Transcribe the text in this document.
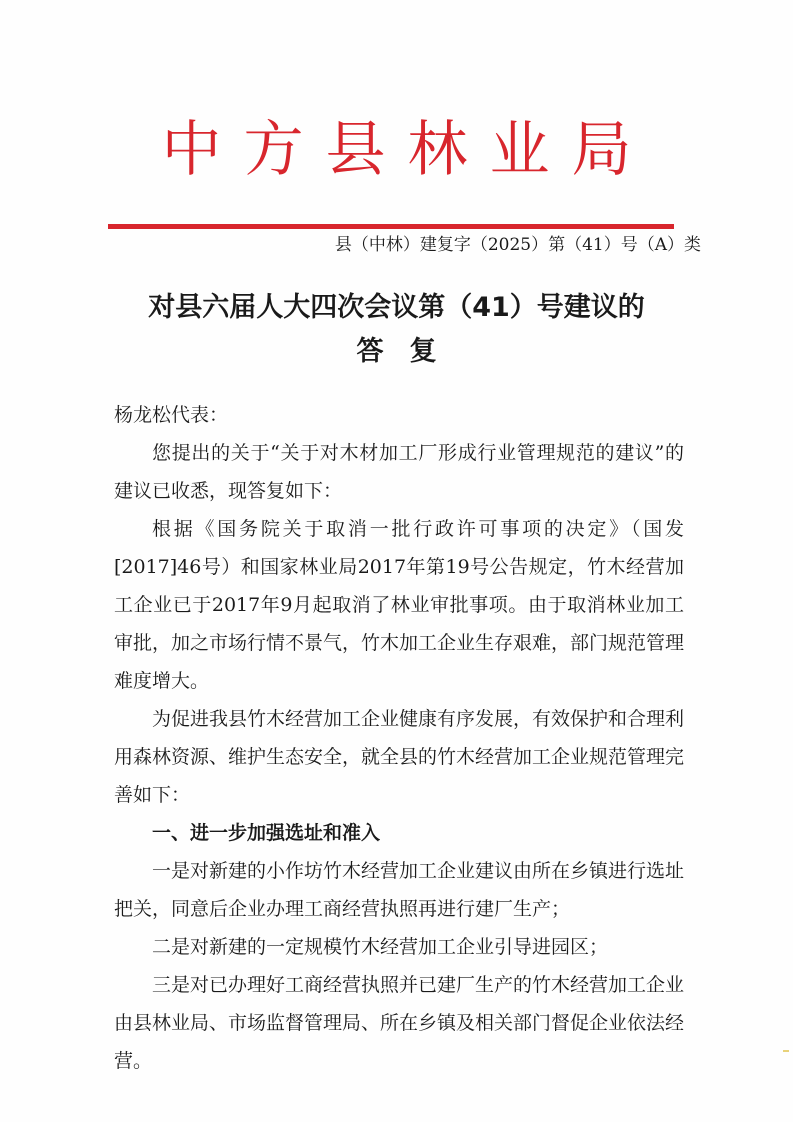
中方县林业局
县（中林）建复字（2025）第（41）号（A）类
对县六届人大四次会议第（41）号建议的
答复

杨龙松代表：

您提出的关于“关于对木材加工厂形成行业管理规范的建议”的建议已收悉，现答复如下：

根据《国务院关于取消一批行政许可事项的决定》（国发[2017]46号）和国家林业局2017年第19号公告规定，竹木经营加工企业已于2017年9月起取消了林业审批事项。由于取消林业加工审批，加之市场行情不景气，竹木加工企业生存艰难，部门规范管理难度增大。

为促进我县竹木经营加工企业健康有序发展，有效保护和合理利用森林资源、维护生态安全，就全县的竹木经营加工企业规范管理完善如下：

一、进一步加强选址和准入

一是对新建的小作坊竹木经营加工企业建议由所在乡镇进行选址把关，同意后企业办理工商经营执照再进行建厂生产；

二是对新建的一定规模竹木经营加工企业引导进园区；

三是对已办理好工商经营执照并已建厂生产的竹木经营加工企业由县林业局、市场监督管理局、所在乡镇及相关部门督促企业依法经营。
